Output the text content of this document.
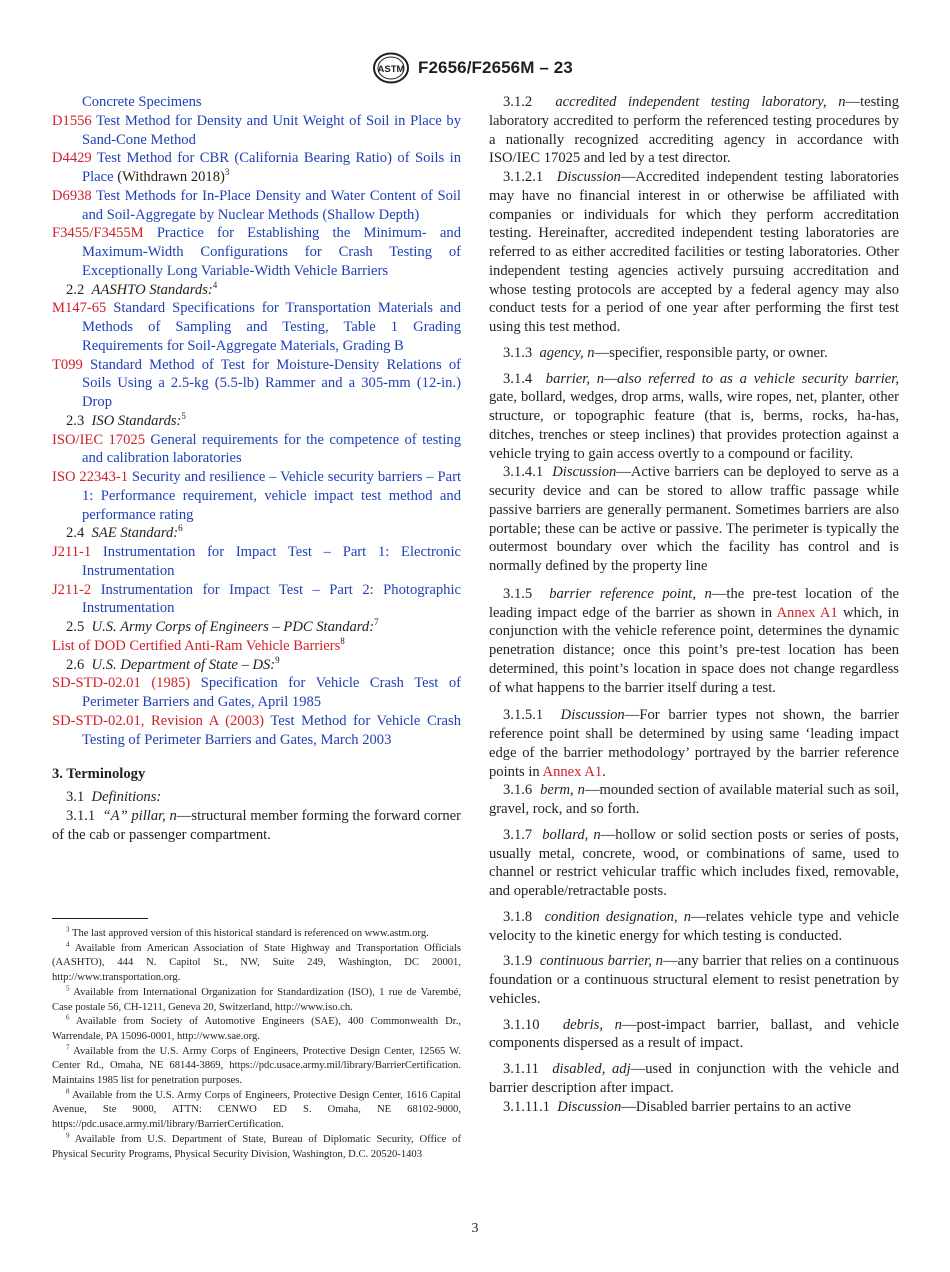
ASTM F2656/F2656M – 23

Concrete Specimens

D1556 Test Method for Density and Unit Weight of Soil in Place by Sand-Cone Method

D4429 Test Method for CBR (California Bearing Ratio) of Soils in Place (Withdrawn 2018)$^3$

D6938 Test Methods for In-Place Density and Water Content of Soil and Soil-Aggregate by Nuclear Methods (Shallow Depth)

F3455/F3455M Practice for Establishing the Minimum- and Maximum-Width Configurations for Crash Testing of Exceptionally Long Variable-Width Vehicle Barriers

2.2 AASHTO Standards:$^4$

M147-65 Standard Specifications for Transportation Materials and Methods of Sampling and Testing, Table 1 Grading Requirements for Soil-Aggregate Materials, Grading B

T099 Standard Method of Test for Moisture-Density Relations of Soils Using a 2.5-kg (5.5-lb) Rammer and a 305-mm (12-in.) Drop

2.3 ISO Standards:$^5$

ISO/IEC 17025 General requirements for the competence of testing and calibration laboratories

ISO 22343-1 Security and resilience – Vehicle security barriers – Part 1: Performance requirement, vehicle impact test method and performance rating

2.4 SAE Standard:$^6$

J211-1 Instrumentation for Impact Test – Part 1: Electronic Instrumentation

J211-2 Instrumentation for Impact Test – Part 2: Photographic Instrumentation

2.5 U.S. Army Corps of Engineers – PDC Standard:$^7$

List of DOD Certified Anti-Ram Vehicle Barriers$^8$

2.6 U.S. Department of State – DS:$^9$

SD-STD-02.01 (1985) Specification for Vehicle Crash Test of Perimeter Barriers and Gates, April 1985

SD-STD-02.01, Revision A (2003) Test Method for Vehicle Crash Testing of Perimeter Barriers and Gates, March 2003

3. Terminology

3.1 Definitions:

3.1.1 “A” pillar, n—structural member forming the forward corner of the cab or passenger compartment.

$^3$ The last approved version of this historical standard is referenced on www.astm.org.

$^4$ Available from American Association of State Highway and Transportation Officials (AASHTO), 444 N. Capitol St., NW, Suite 249, Washington, DC 20001, http://www.transportation.org.

$^5$ Available from International Organization for Standardization (ISO), 1 rue de Varembé, Case postale 56, CH-1211, Geneva 20, Switzerland, http://www.iso.ch.

$^6$ Available from Society of Automotive Engineers (SAE), 400 Commonwealth Dr., Warrendale, PA 15096-0001, http://www.sae.org.

$^7$ Available from the U.S. Army Corps of Engineers, Protective Design Center, 12565 W. Center Rd., Omaha, NE 68144-3869, https://pdc.usace.army.mil/library/BarrierCertification. Maintains 1985 list for penetration purposes.

$^8$ Available from the U.S. Army Corps of Engineers, Protective Design Center, 1616 Capital Avenue, Ste 9000, ATTN: CENWO ED S. Omaha, NE 68102-9000, https://pdc.usace.army.mil/library/BarrierCertification.

$^9$ Available from U.S. Department of State, Bureau of Diplomatic Security, Office of Physical Security Programs, Physical Security Division, Washington, D.C. 20520-1403

3.1.2 accredited independent testing laboratory, n—testing laboratory accredited to perform the referenced testing procedures by a nationally recognized accrediting agency in accordance with ISO/IEC 17025 and led by a test director.

3.1.2.1 Discussion—Accredited independent testing laboratories may have no financial interest in or otherwise be affiliated with companies or individuals for which they perform accreditation testing. Hereinafter, accredited independent testing laboratories are referred to as either accredited facilities or testing laboratories. Other independent testing agencies actively pursuing accreditation and whose testing protocols are accepted by a federal agency may also conduct tests for a period of one year after performing the first test using this test method.

3.1.3 agency, n—specifier, responsible party, or owner.

3.1.4 barrier, n—also referred to as a vehicle security barrier, gate, bollard, wedges, drop arms, walls, wire ropes, net, planter, other structure, or topographic feature (that is, berms, rocks, ha-has, ditches, trenches or steep inclines) that provides protection against a vehicle trying to gain access overtly to a compound or facility.

3.1.4.1 Discussion—Active barriers can be deployed to serve as a security device and can be stored to allow traffic passage while passive barriers are generally permanent. Sometimes barriers are also portable; these can be active or passive. The perimeter is typically the outermost boundary over which the facility has control and is normally defined by the property line

3.1.5 barrier reference point, n—the pre-test location of the leading impact edge of the barrier as shown in Annex A1 which, in conjunction with the vehicle reference point, determines the dynamic penetration distance; once this point’s pre-test location has been determined, this point’s location in space does not change regardless of what happens to the barrier itself during a test.

3.1.5.1 Discussion—For barrier types not shown, the barrier reference point shall be determined by using same ‘leading impact edge of the barrier methodology’ portrayed by the barrier reference points in Annex A1.

3.1.6 berm, n—mounded section of available material such as soil, gravel, rock, and so forth.

3.1.7 bollard, n—hollow or solid section posts or series of posts, usually metal, concrete, wood, or combinations of same, used to channel or restrict vehicular traffic which includes fixed, removable, and operable/retractable posts.

3.1.8 condition designation, n—relates vehicle type and vehicle velocity to the kinetic energy for which testing is conducted.

3.1.9 continuous barrier, n—any barrier that relies on a continuous foundation or a continuous structural element to resist penetration by vehicles.

3.1.10 debris, n—post-impact barrier, ballast, and vehicle components dispersed as a result of impact.

3.1.11 disabled, adj—used in conjunction with the vehicle and barrier description after impact.

3.1.11.1 Discussion—Disabled barrier pertains to an active

3
